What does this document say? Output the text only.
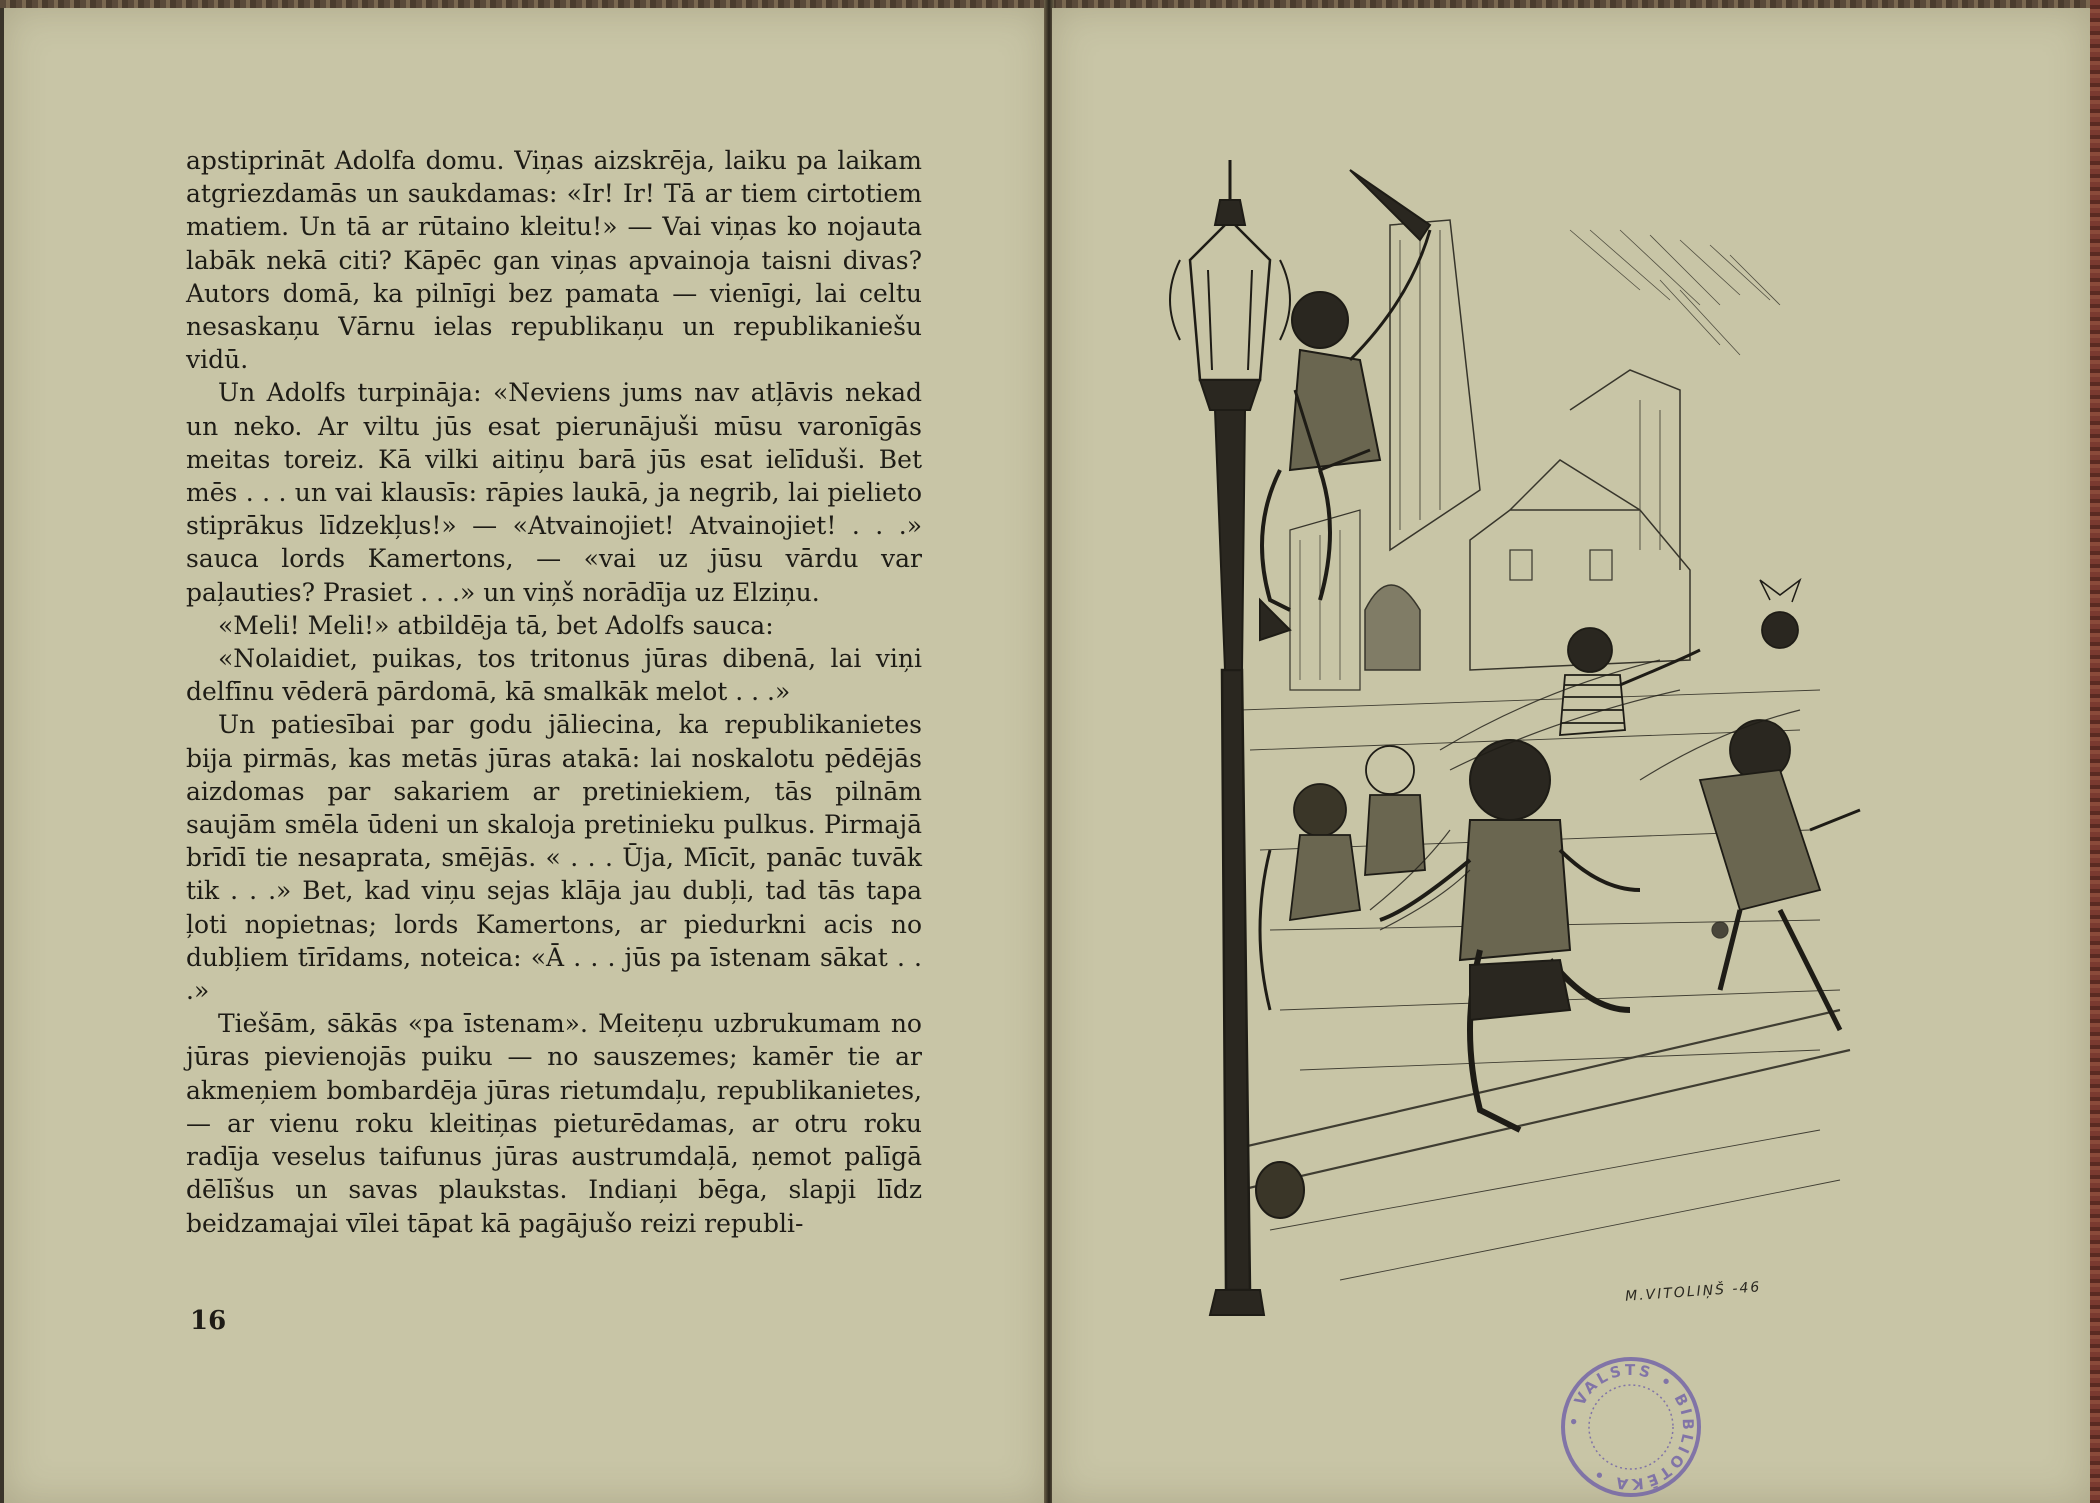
apstiprināt Adolfa domu. Viņas aizskrēja, laiku pa laikam atgriezdamās un saukdamas: «Ir! Ir! Tā ar tiem cirtotiem matiem. Un tā ar rūtaino kleitu!» — Vai viņas ko nojauta labāk nekā citi? Kāpēc gan viņas apvainoja taisni divas? Autors domā, ka pilnīgi bez pamata — vienīgi, lai celtu nesaskaņu Vārnu ielas republikaņu un republikaniešu vidū.

Un Adolfs turpināja: «Neviens jums nav atļāvis nekad un neko. Ar viltu jūs esat pierunājuši mūsu varonīgās meitas toreiz. Kā vilki aitiņu barā jūs esat ielīduši. Bet mēs . . . un vai klausīs: rāpies laukā, ja negrib, lai pielieto stiprākus līdzekļus!» — «Atvainojiet! Atvainojiet! . . .» sauca lords Kamertons, — «vai uz jūsu vārdu var paļauties? Prasiet . . .» un viņš norādīja uz Elziņu.

«Meli! Meli!» atbildēja tā, bet Adolfs sauca:

«Nolaidiet, puikas, tos tritonus jūras dibenā, lai viņi delfīnu vēderā pārdomā, kā smalkāk melot . . .»

Un patiesībai par godu jāliecina, ka republikanietes bija pirmās, kas metās jūras atakā: lai noskalotu pēdējās aizdomas par sakariem ar pretiniekiem, tās pilnām saujām smēla ūdeni un skaloja pretinieku pulkus. Pirmajā brīdī tie nesaprata, smējās. « . . . Ūja, Mīcīt, panāc tuvāk tik . . .» Bet, kad viņu sejas klāja jau dubļi, tad tās tapa ļoti nopietnas; lords Kamertons, ar piedurkni acis no dubļiem tīrīdams, noteica: «Ā . . . jūs pa īstenam sākat . . .»

Tiešām, sākās «pa īstenam». Meiteņu uzbrukumam no jūras pievienojās puiku — no sauszemes; kamēr tie ar akmeņiem bombardēja jūras rietumdaļu, republikanietes, — ar vienu roku kleitiņas pieturēdamas, ar otru roku radīja veselus taifunus jūras austrumdaļā, ņemot palīgā dēlīšus un savas plaukstas. Indiaņi bēga, slapji līdz beidzamajai vīlei tāpat kā pagājušo reizi republi-

16
M.VITOLIŅŠ -46
• VALSTS • BIBLIOTĒKA •
